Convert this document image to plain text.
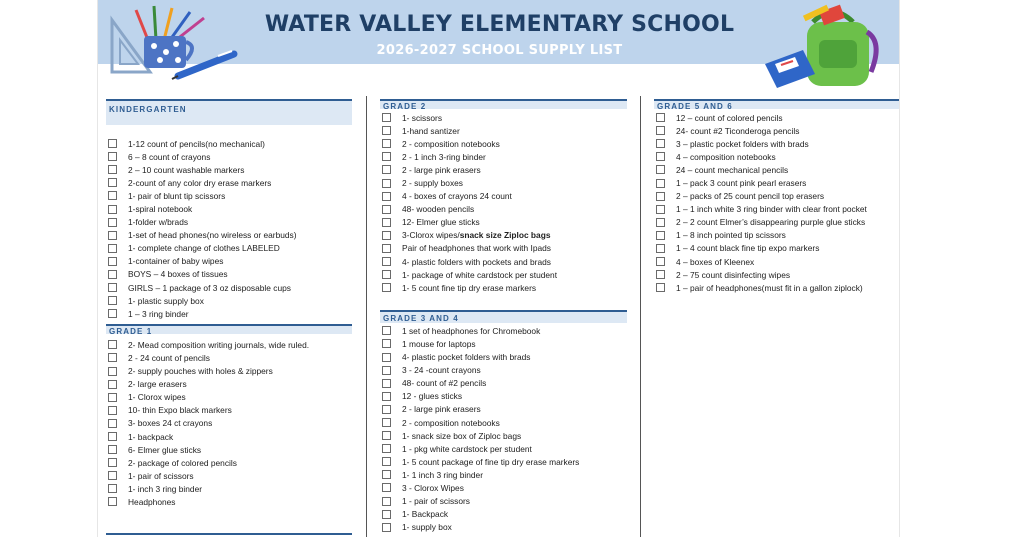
WATER VALLEY ELEMENTARY SCHOOL
2026-2027 SCHOOL SUPPLY LIST
KINDERGARTEN
1-12 count of pencils(no mechanical)
6 – 8 count of crayons
2 – 10 count washable markers
2-count of any color dry erase markers
1- pair of blunt tip scissors
1-spiral notebook
1-folder w/brads
1-set of head phones(no wireless or earbuds)
1- complete change of clothes LABELED
1-container of baby wipes
BOYS – 4 boxes of tissues
GIRLS – 1 package of 3 oz disposable cups
1- plastic supply box
1 – 3 ring binder
GRADE 1
2- Mead composition writing journals, wide ruled.
2 - 24 count of pencils
2- supply pouches with holes & zippers
2- large erasers
1- Clorox wipes
10- thin Expo black markers
3- boxes 24 ct crayons
1- backpack
6- Elmer glue sticks
2- package of colored pencils
1- pair of scissors
1- inch 3 ring binder
Headphones
GRADE 2
1- scissors
1-hand santizer
2 - composition notebooks
2 - 1 inch 3-ring binder
2 - large pink erasers
2 - supply boxes
4 - boxes of crayons 24 count
48- wooden pencils
12- Elmer glue sticks
3-Clorox wipes/snack size Ziploc bags
Pair of headphones that work with Ipads
4- plastic folders with pockets and brads
1- package of white cardstock per student
1- 5 count fine tip dry erase markers
GRADE 3 AND 4
1 set of headphones for Chromebook
1 mouse for laptops
4- plastic pocket folders with brads
3 - 24 -count crayons
48- count of #2 pencils
12 - glues sticks
2 - large pink erasers
2 - composition notebooks
1- snack size box of Ziploc bags
1 - pkg white cardstock per student
1- 5 count package of fine tip dry erase markers
1- 1 inch 3 ring binder
3 - Clorox Wipes
1 - pair of scissors
1- Backpack
1- supply box
GRADE 5 AND 6
12 – count of colored pencils
24- count #2 Ticonderoga pencils
3 – plastic pocket folders with brads
4 – composition notebooks
24 – count mechanical pencils
1 – pack 3 count pink pearl erasers
2 – packs of 25 count pencil top erasers
1 – 1 inch white 3 ring binder with clear front pocket
2 – 2 count Elmer’s disappearing purple glue sticks
1 – 8 inch pointed tip scissors
1 – 4 count black fine tip expo markers
4 – boxes of Kleenex
2 – 75 count disinfecting wipes
1 – pair of headphones(must fit in a gallon ziplock)
